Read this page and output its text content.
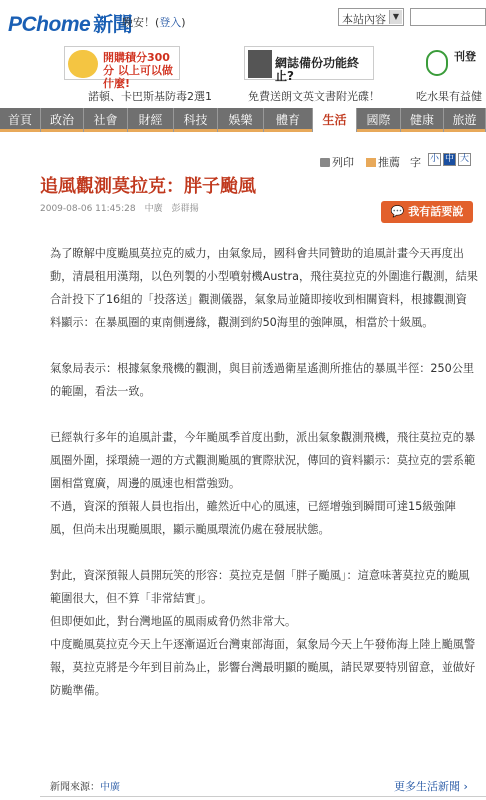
PChome 新聞
晚安！(登入)	本站內容 ▼
開購積分300分 以上可以做什麼!
網誌備份功能終止?
刊登
諾頓、卡巴斯基防毒2選1	免費送朗文英文書附光碟！	吃水果有益健
首頁	政治	社會	財經	科技	娛樂	體育	生活	國際	健康	旅遊
列印	推薦 字 小 中 大
追風觀測莫拉克：胖子颱風
2009-08-06 11:45:28　中廣　彭群揚	💬 我有話要說

為了瞭解中度颱風莫拉克的威力，由氣象局，國科會共同贊助的追風計畫今天再度出動，清晨租用漢翔，以色列製的小型噴射機Austra，飛往莫拉克的外圍進行觀測，結果合計投下了16組的「投落送」觀測儀器，氣象局並隨即接收到相關資料，根據觀測資料顯示：在暴風圈的東南側邊緣，觀測到約50海里的強陣風，相當於十級風。

氣象局表示：根據氣象飛機的觀測，與目前透過衛星遙測所推估的暴風半徑：250公里的範圍，看法一致。

已經執行多年的追風計畫，今年颱風季首度出動，派出氣象觀測飛機，飛往莫拉克的暴風圈外圍，採環繞一週的方式觀測颱風的實際狀況，傳回的資料顯示：莫拉克的雲系範圍相當寬廣，周邊的風速也相當強勁。

不過，資深的預報人員也指出，雖然近中心的風速，已經增強到瞬間可達15級強陣風，但尚未出現颱風眼，顯示颱風環流仍處在發展狀態。

對此，資深預報人員開玩笑的形容：莫拉克是個「胖子颱風」：這意味著莫拉克的颱風範圍很大，但不算「非常結實」。

但即便如此，對台灣地區的風雨威脅仍然非常大。

中度颱風莫拉克今天上午逐漸逼近台灣東部海面，氣象局今天上午發佈海上陸上颱風警報，莫拉克將是今年到目前為止，影響台灣最明顯的颱風，請民眾要特別留意，並做好防颱準備。

新聞來源：中廣	更多生活新聞 ›
